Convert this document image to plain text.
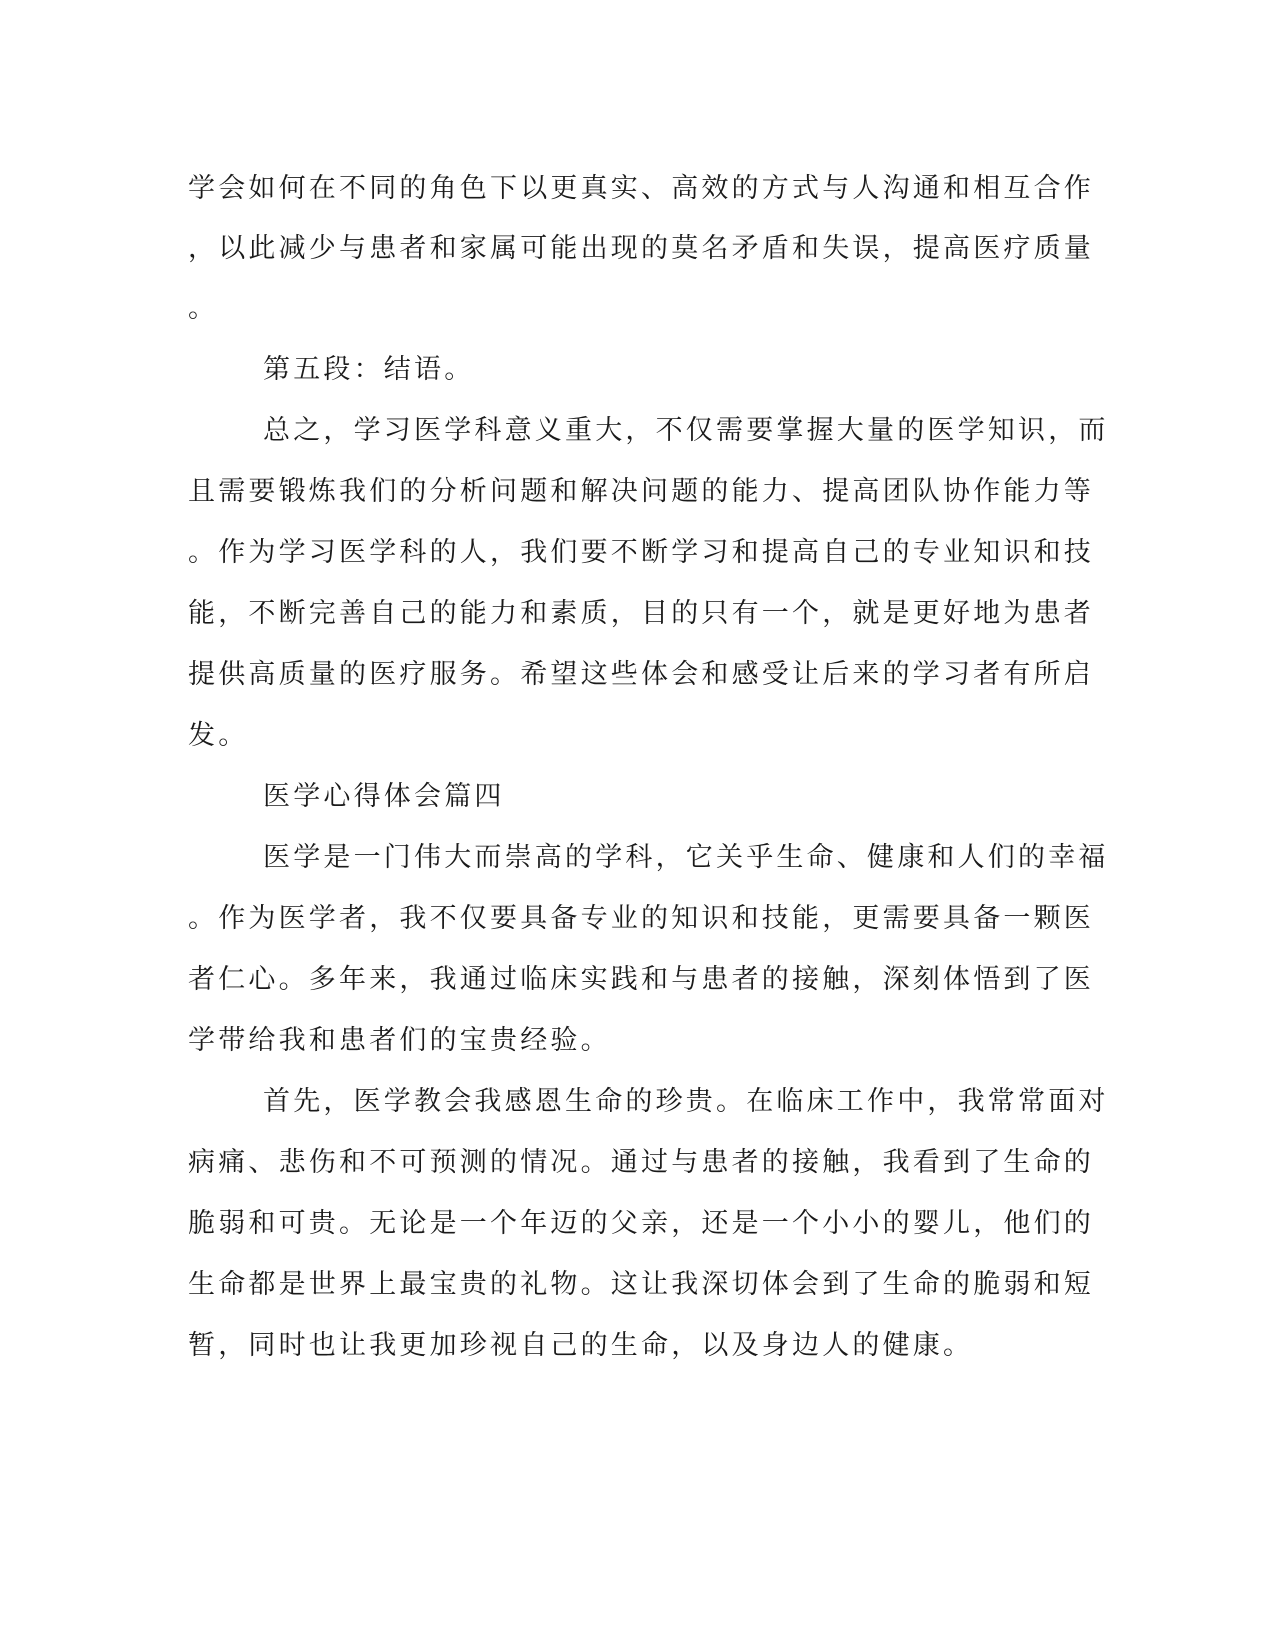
学会如何在不同的角色下以更真实、高效的方式与人沟通和相互合作
，以此减少与患者和家属可能出现的莫名矛盾和失误，提高医疗质量
。
第五段：结语。
总之，学习医学科意义重大，不仅需要掌握大量的医学知识，而
且需要锻炼我们的分析问题和解决问题的能力、提高团队协作能力等
。作为学习医学科的人，我们要不断学习和提高自己的专业知识和技
能，不断完善自己的能力和素质，目的只有一个，就是更好地为患者
提供高质量的医疗服务。希望这些体会和感受让后来的学习者有所启
发。
医学心得体会篇四
医学是一门伟大而崇高的学科，它关乎生命、健康和人们的幸福
。作为医学者，我不仅要具备专业的知识和技能，更需要具备一颗医
者仁心。多年来，我通过临床实践和与患者的接触，深刻体悟到了医
学带给我和患者们的宝贵经验。
首先，医学教会我感恩生命的珍贵。在临床工作中，我常常面对
病痛、悲伤和不可预测的情况。通过与患者的接触，我看到了生命的
脆弱和可贵。无论是一个年迈的父亲，还是一个小小的婴儿，他们的
生命都是世界上最宝贵的礼物。这让我深切体会到了生命的脆弱和短
暂，同时也让我更加珍视自己的生命，以及身边人的健康。
